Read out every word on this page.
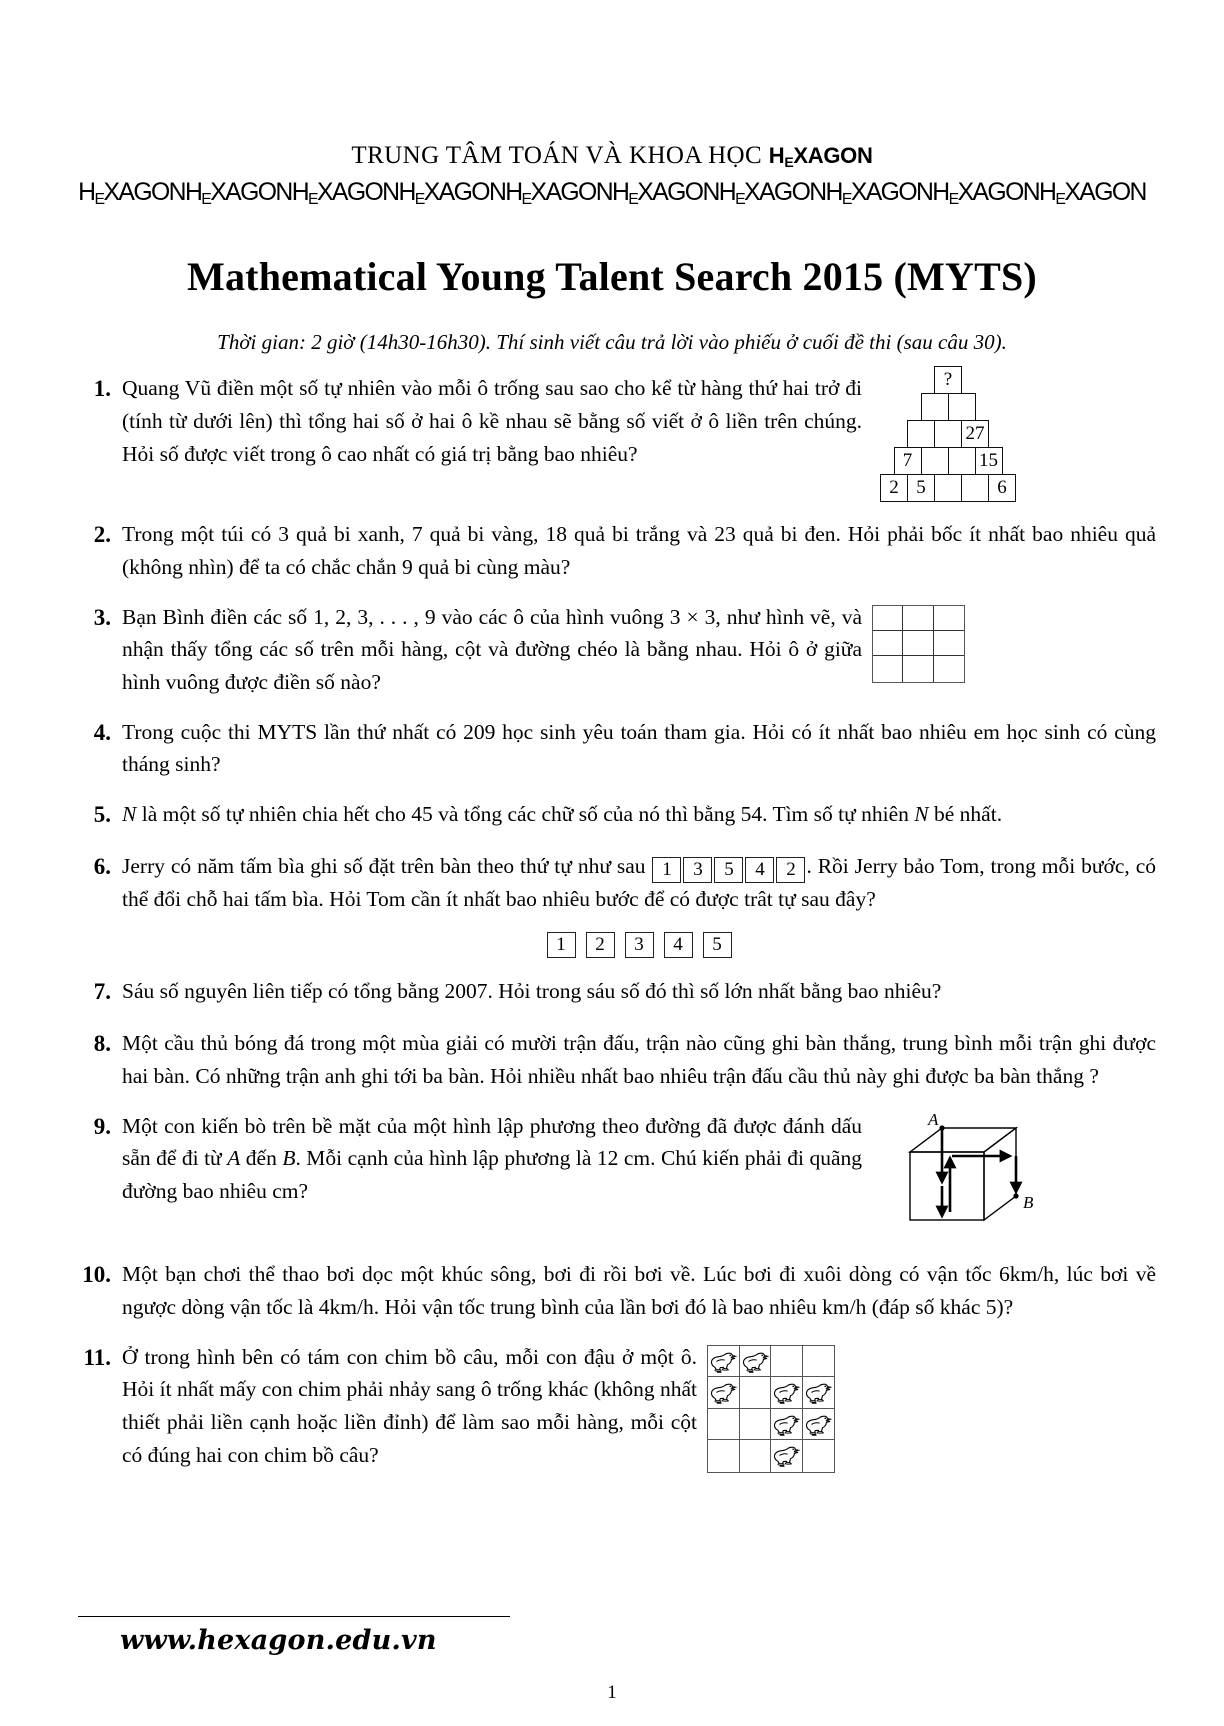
TRUNG TÂM TOÁN VÀ KHOA HỌC $H_EXAGON$
$H_EXAGONH_EXAGONH_EXAGONH_EXAGONH_EXAGONH_EXAGONH_EXAGONH_EXAGONH_EXAGONH_EXAGON$
Mathematical Young Talent Search 2015 (MYTS)
Thời gian: 2 giờ (14h30-16h30). Thí sinh viết câu trả lời vào phiếu ở cuối đề thi (sau câu 30).
1. Quang Vũ điền một số tự nhiên vào mỗi ô trống sau sao cho kể từ hàng thứ hai trở đi (tính từ dưới lên) thì tổng hai số ở hai ô kề nhau sẽ bằng số viết ở ô liền trên chúng. Hỏi số được viết trong ô cao nhất có giá trị bằng bao nhiêu?

?
27
7	15
2 5	6
2. Trong một túi có 3 quả bi xanh, 7 quả bi vàng, 18 quả bi trắng và 23 quả bi đen. Hỏi phải bốc ít nhất bao nhiêu quả (không nhìn) để ta có chắc chắn 9 quả bi cùng màu?

3. Bạn Bình điền các số 1, 2, 3, . . . , 9 vào các ô của hình vuông 3 × 3, như hình vẽ, và nhận thấy tổng các số trên mỗi hàng, cột và đường chéo là bằng nhau. Hỏi ô ở giữa hình vuông được điền số nào?

4. Trong cuộc thi MYTS lần thứ nhất có 209 học sinh yêu toán tham gia. Hỏi có ít nhất bao nhiêu em học sinh có cùng tháng sinh?

5. N là một số tự nhiên chia hết cho 45 và tổng các chữ số của nó thì bằng 54. Tìm số tự nhiên N bé nhất.

6. Jerry có năm tấm bìa ghi số đặt trên bàn theo thứ tự như sau 1 3 5 4 2 . Rồi Jerry bảo Tom, trong mỗi bước, có thể đổi chỗ hai tấm bìa. Hỏi Tom cần ít nhất bao nhiêu bước để có được trât tự sau đây?

1 2 3 4 5
7. Sáu số nguyên liên tiếp có tổng bằng 2007. Hỏi trong sáu số đó thì số lớn nhất bằng bao nhiêu?

8. Một cầu thủ bóng đá trong một mùa giải có mười trận đấu, trận nào cũng ghi bàn thắng, trung bình mỗi trận ghi được hai bàn. Có những trận anh ghi tới ba bàn. Hỏi nhiều nhất bao nhiêu trận đấu cầu thủ này ghi được ba bàn thắng ?

9. Một con kiến bò trên bề mặt của một hình lập phương theo đường đã được đánh dấu sẵn để đi từ A đến B. Mỗi cạnh của hình lập phương là 12 cm. Chú kiến phải đi quãng đường bao nhiêu cm?

A
B
10. Một bạn chơi thể thao bơi dọc một khúc sông, bơi đi rồi bơi về. Lúc bơi đi xuôi dòng có vận tốc 6km/h, lúc bơi về ngược dòng vận tốc là 4km/h. Hỏi vận tốc trung bình của lần bơi đó là bao nhiêu km/h (đáp số khác 5)?

11. Ở trong hình bên có tám con chim bồ câu, mỗi con đậu ở một ô. Hỏi ít nhất mấy con chim phải nhảy sang ô trống khác (không nhất thiết phải liền cạnh hoặc liền đỉnh) để làm sao mỗi hàng, mỗi cột có đúng hai con chim bồ câu?

www.hexagon.edu.vn
1
